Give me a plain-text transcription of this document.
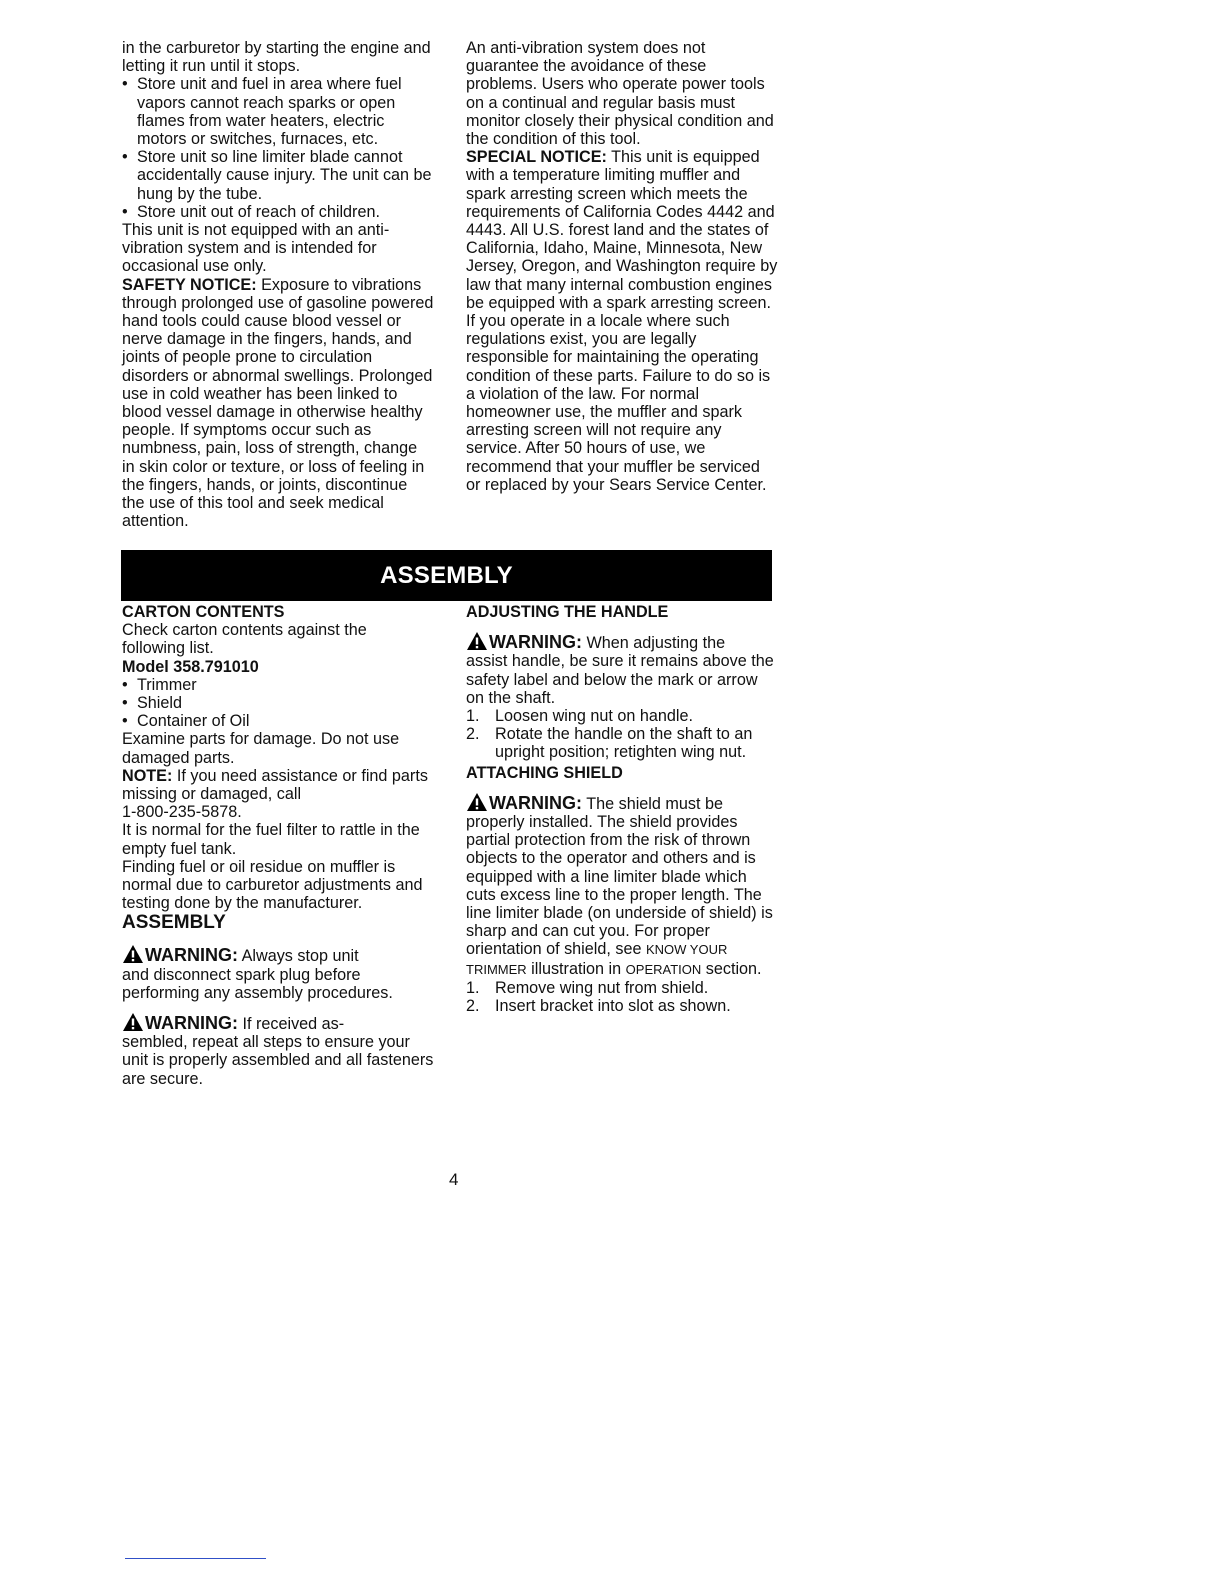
in the carburetor by starting the engine and letting it run until it stops.

• Store unit and fuel in area where fuel vapors cannot reach sparks or open flames from water heaters, electric motors or switches, furnaces, etc.

• Store unit so line limiter blade cannot accidentally cause injury. The unit can be hung by the tube.

• Store unit out of reach of children.

This unit is not equipped with an anti-vibration system and is intended for occasional use only.

SAFETY NOTICE: Exposure to vibrations through prolonged use of gasoline powered hand tools could cause blood vessel or nerve damage in the fingers, hands, and joints of people prone to circulation disorders or abnormal swellings. Prolonged use in cold weather has been linked to blood vessel damage in otherwise healthy people. If symptoms occur such as numbness, pain, loss of strength, change in skin color or texture, or loss of feeling in the fingers, hands, or joints, discontinue the use of this tool and seek medical attention.

An anti-vibration system does not guarantee the avoidance of these problems. Users who operate power tools on a continual and regular basis must monitor closely their physical condition and the condition of this tool.

SPECIAL NOTICE: This unit is equipped with a temperature limiting muffler and spark arresting screen which meets the requirements of California Codes 4442 and 4443. All U.S. forest land and the states of California, Idaho, Maine, Minnesota, New Jersey, Oregon, and Washington require by law that many internal combustion engines be equipped with a spark arresting screen. If you operate in a locale where such regulations exist, you are legally responsible for maintaining the operating condition of these parts. Failure to do so is a violation of the law. For normal homeowner use, the muffler and spark arresting screen will not require any service. After 50 hours of use, we recommend that your muffler be serviced or replaced by your Sears Service Center.

ASSEMBLY

CARTON CONTENTS

Check carton contents against the following list.

Model 358.791010

• Trimmer

• Shield

• Container of Oil

Examine parts for damage. Do not use damaged parts.

NOTE: If you need assistance or find parts missing or damaged, call

1-800-235-5878.

It is normal for the fuel filter to rattle in the empty fuel tank.

Finding fuel or oil residue on muffler is normal due to carburetor adjustments and testing done by the manufacturer.

ASSEMBLY

WARNING: Always stop unit
and disconnect spark plug before performing any assembly procedures.
WARNING: If received as-
sembled, repeat all steps to ensure your unit is properly assembled and all fasteners are secure.

ADJUSTING THE HANDLE

WARNING: When adjusting the
assist handle, be sure it remains above the safety label and below the mark or arrow on the shaft.

1. Loosen wing nut on handle.

2. Rotate the handle on the shaft to an upright position; retighten wing nut.

ATTACHING SHIELD

WARNING: The shield must be
properly installed. The shield provides partial protection from the risk of thrown objects to the operator and others and is equipped with a line limiter blade which cuts excess line to the proper length. The line limiter blade (on underside of shield) is sharp and can cut you. For proper orientation of shield, see KNOW YOUR TRIMMER illustration in OPERATION section.

1. Remove wing nut from shield.

2. Insert bracket into slot as shown.

4
